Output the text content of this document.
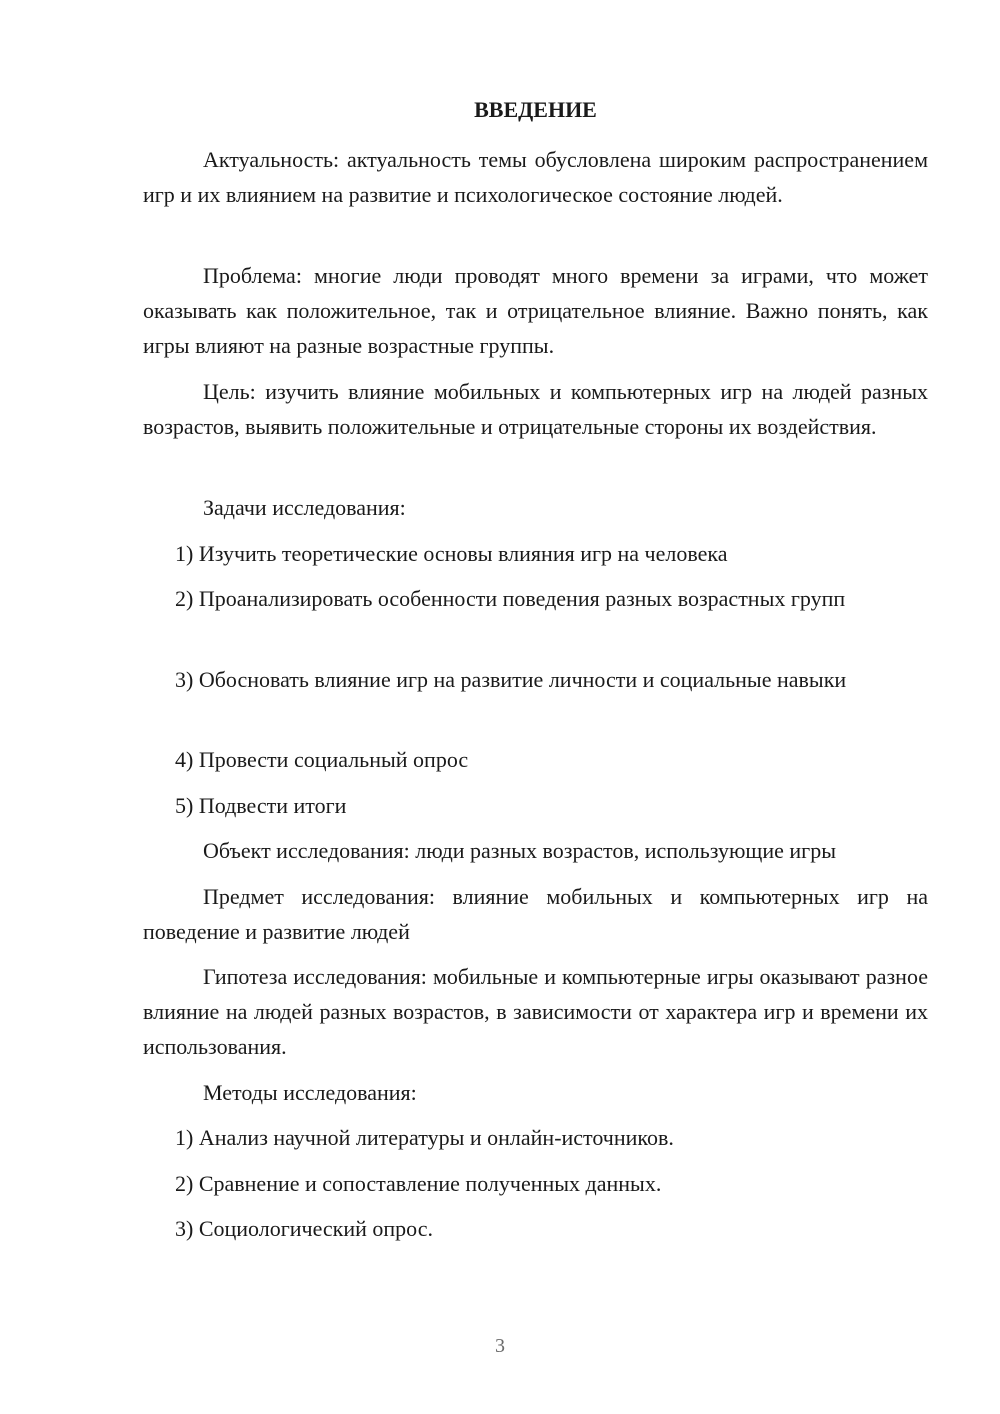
ВВЕДЕНИЕ

Актуальность: актуальность темы обусловлена широким распространением игр и их влиянием на развитие и психологическое состояние людей.

Проблема: многие люди проводят много времени за играми, что может оказывать как положительное, так и отрицательное влияние. Важно понять, как игры влияют на разные возрастные группы.

Цель: изучить влияние мобильных и компьютерных игр на людей разных возрастов, выявить положительные и отрицательные стороны их воздействия.

Задачи исследования:

1) Изучить теоретические основы влияния игр на человека

2) Проанализировать особенности поведения разных возрастных групп

3) Обосновать влияние игр на развитие личности и социальные навыки

4) Провести социальный опрос

5) Подвести итоги

Объект исследования: люди разных возрастов, использующие игры

Предмет исследования: влияние мобильных и компьютерных игр на поведение и развитие людей

Гипотеза исследования: мобильные и компьютерные игры оказывают разное влияние на людей разных возрастов, в зависимости от характера игр и времени их использования.

Методы исследования:

1) Анализ научной литературы и онлайн-источников.

2) Сравнение и сопоставление полученных данных.

3) Социологический опрос.

3
